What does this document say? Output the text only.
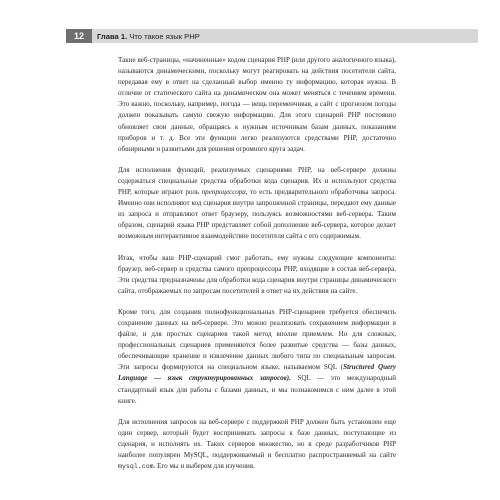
12	Глава 1. Что такое язык PHP

Такие веб-страницы, «начиненные» кодом сценария PHP (или другого аналогичного языка), называются динамическими, поскольку могут реагировать на действия посетителя сайта, передавая ему в ответ на сделанный выбор именно ту информацию, которая нужна. В отличие от статического сайта на динамическом она может меняться с течением времени. Это важно, поскольку, например, погода — вещь переменчивая, а сайт с прогнозом погоды должен показывать самую свежую информацию. Для этого сценарий PHP постоянно обновляет свои данные, обращаясь к нужным источникам базам данных, показаниям приборов и т. д. Все эти функции легко реализуются средствами PHP, достаточно обширными и развитыми для решения огромного круга задач.

Для исполнения функций, реализуемых сценариями PHP, на веб-сервере должны содержаться специальные средства обработки кода сценария. Их и используют средства PHP, которые играют роль препроцессора, то есть предварительного обработчика запроса. Именно они исполняют код сценария внутри запрошенной страницы, передают ему данные из запроса и отправляют ответ браузеру, пользуясь возможностями веб-сервера. Таким образом, сценарий языка PHP представляет собой дополнение веб-сервера, которое делает возможным интерактивное взаимодействие посетителя сайта с его содержимым.

Итак, чтобы ваш PHP-сценарий смог работать, ему нужны следующие компоненты: браузер, веб-сервер и средства самого препроцессора PHP, входящие в состав веб-сервера. Эти средства предназначены для обработки кода сценария внутри страницы динамического сайта, отображаемых по запросам посетителей в ответ на их действия на сайте.

Кроме того, для создания полнофункциональных PHP-сценариев требуется обеспечить сохранение данных на веб-сервере. Это можно реализовать сохранением информации в файле, и для простых сценариев такой метод вполне приемлем. Но для сложных, профессиональных сценариев применяются более развитые средства — базы данных, обеспечивающие хранение и извлечение данных любого типа по специальным запросам. Эти запросы формируются на специальном языке, называемом SQL (Structured Query Language — язык структурированных запросов). SQL — это международный стандартный язык для работы с базами данных, и мы познакомимся с ним далее в этой книге.

Для исполнения запросов на веб-сервере с поддержкой PHP должен быть установлен еще один сервер, который будет воспринимать запросы к базе данных, поступающие из сценария, и исполнять их. Таких серверов множество, но в среде разработчиков PHP наиболее популярен MySQL, поддерживаемый и бесплатно распространяемый на сайте mysql.com. Его мы и выберем для изучения.
